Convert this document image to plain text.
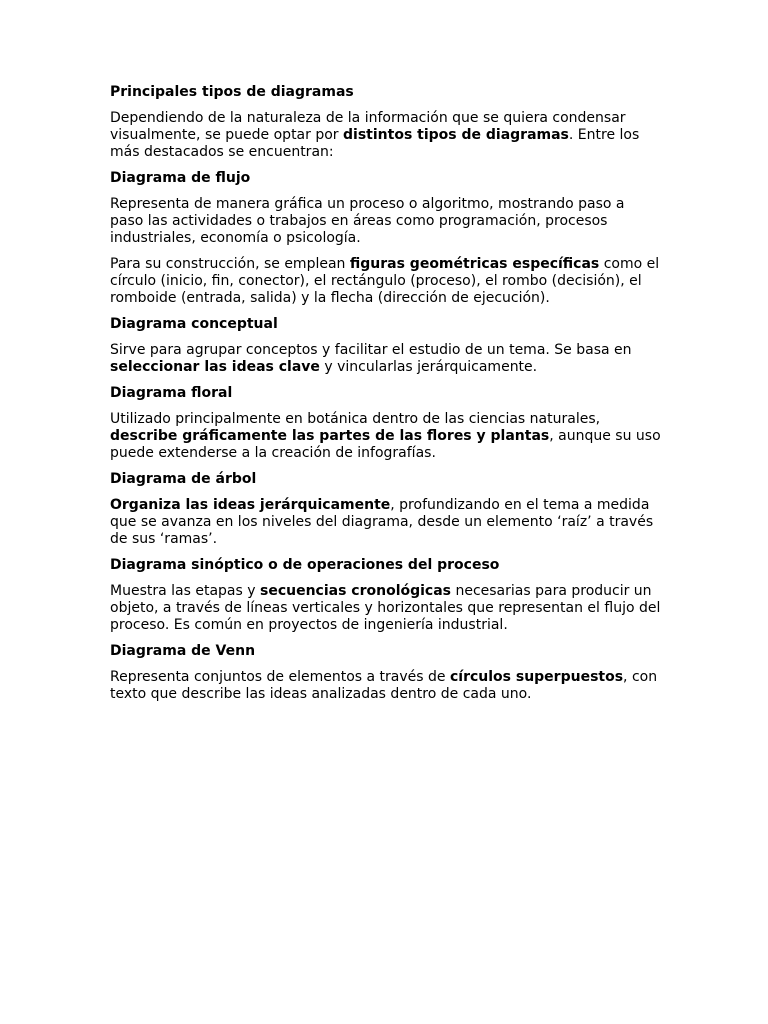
Principales tipos de diagramas

Dependiendo de la naturaleza de la información que se quiera condensar visualmente, se puede optar por distintos tipos de diagramas. Entre los más destacados se encuentran:

Diagrama de flujo

Representa de manera gráfica un proceso o algoritmo, mostrando paso a paso las actividades o trabajos en áreas como programación, procesos industriales, economía o psicología.

Para su construcción, se emplean figuras geométricas específicas como el círculo (inicio, fin, conector), el rectángulo (proceso), el rombo (decisión), el romboide (entrada, salida) y la flecha (dirección de ejecución).

Diagrama conceptual

Sirve para agrupar conceptos y facilitar el estudio de un tema. Se basa en seleccionar las ideas clave y vincularlas jerárquicamente.

Diagrama floral

Utilizado principalmente en botánica dentro de las ciencias naturales, describe gráficamente las partes de las flores y plantas, aunque su uso puede extenderse a la creación de infografías.

Diagrama de árbol

Organiza las ideas jerárquicamente, profundizando en el tema a medida que se avanza en los niveles del diagrama, desde un elemento ‘raíz’ a través de sus ‘ramas’.

Diagrama sinóptico o de operaciones del proceso

Muestra las etapas y secuencias cronológicas necesarias para producir un objeto, a través de líneas verticales y horizontales que representan el flujo del proceso. Es común en proyectos de ingeniería industrial.

Diagrama de Venn

Representa conjuntos de elementos a través de círculos superpuestos, con texto que describe las ideas analizadas dentro de cada uno.
